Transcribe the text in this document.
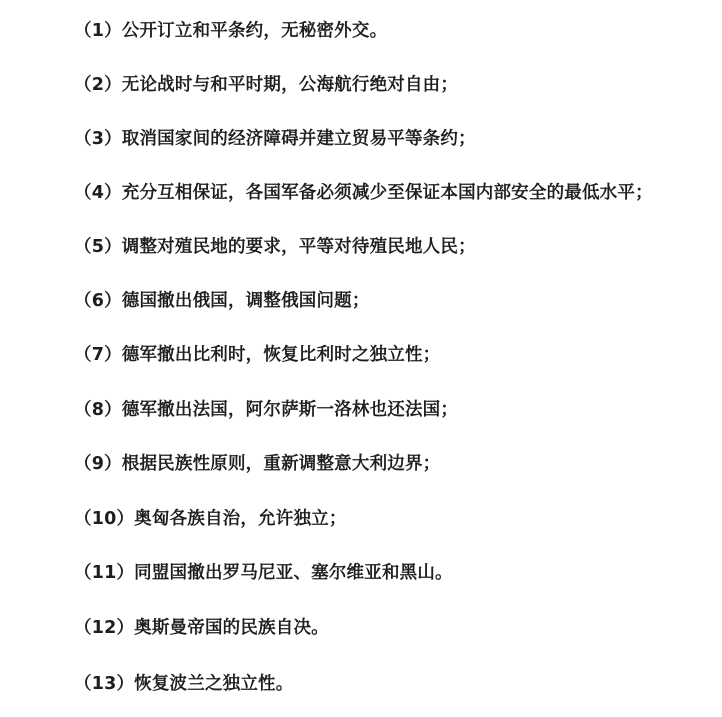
（1）公开订立和平条约，无秘密外交。
（2）无论战时与和平时期，公海航行绝对自由；
（3）取消国家间的经济障碍并建立贸易平等条约；
（4）充分互相保证，各国军备必须减少至保证本国内部安全的最低水平；
（5）调整对殖民地的要求，平等对待殖民地人民；
（6）德国撤出俄国，调整俄国问题；
（7）德军撤出比利时，恢复比利时之独立性；
（8）德军撤出法国，阿尔萨斯一洛林也还法国；
（9）根据民族性原则，重新调整意大利边界；
（10）奥匈各族自治，允许独立；
（11）同盟国撤出罗马尼亚、塞尔维亚和黑山。
（12）奥斯曼帝国的民族自决。
（13）恢复波兰之独立性。
